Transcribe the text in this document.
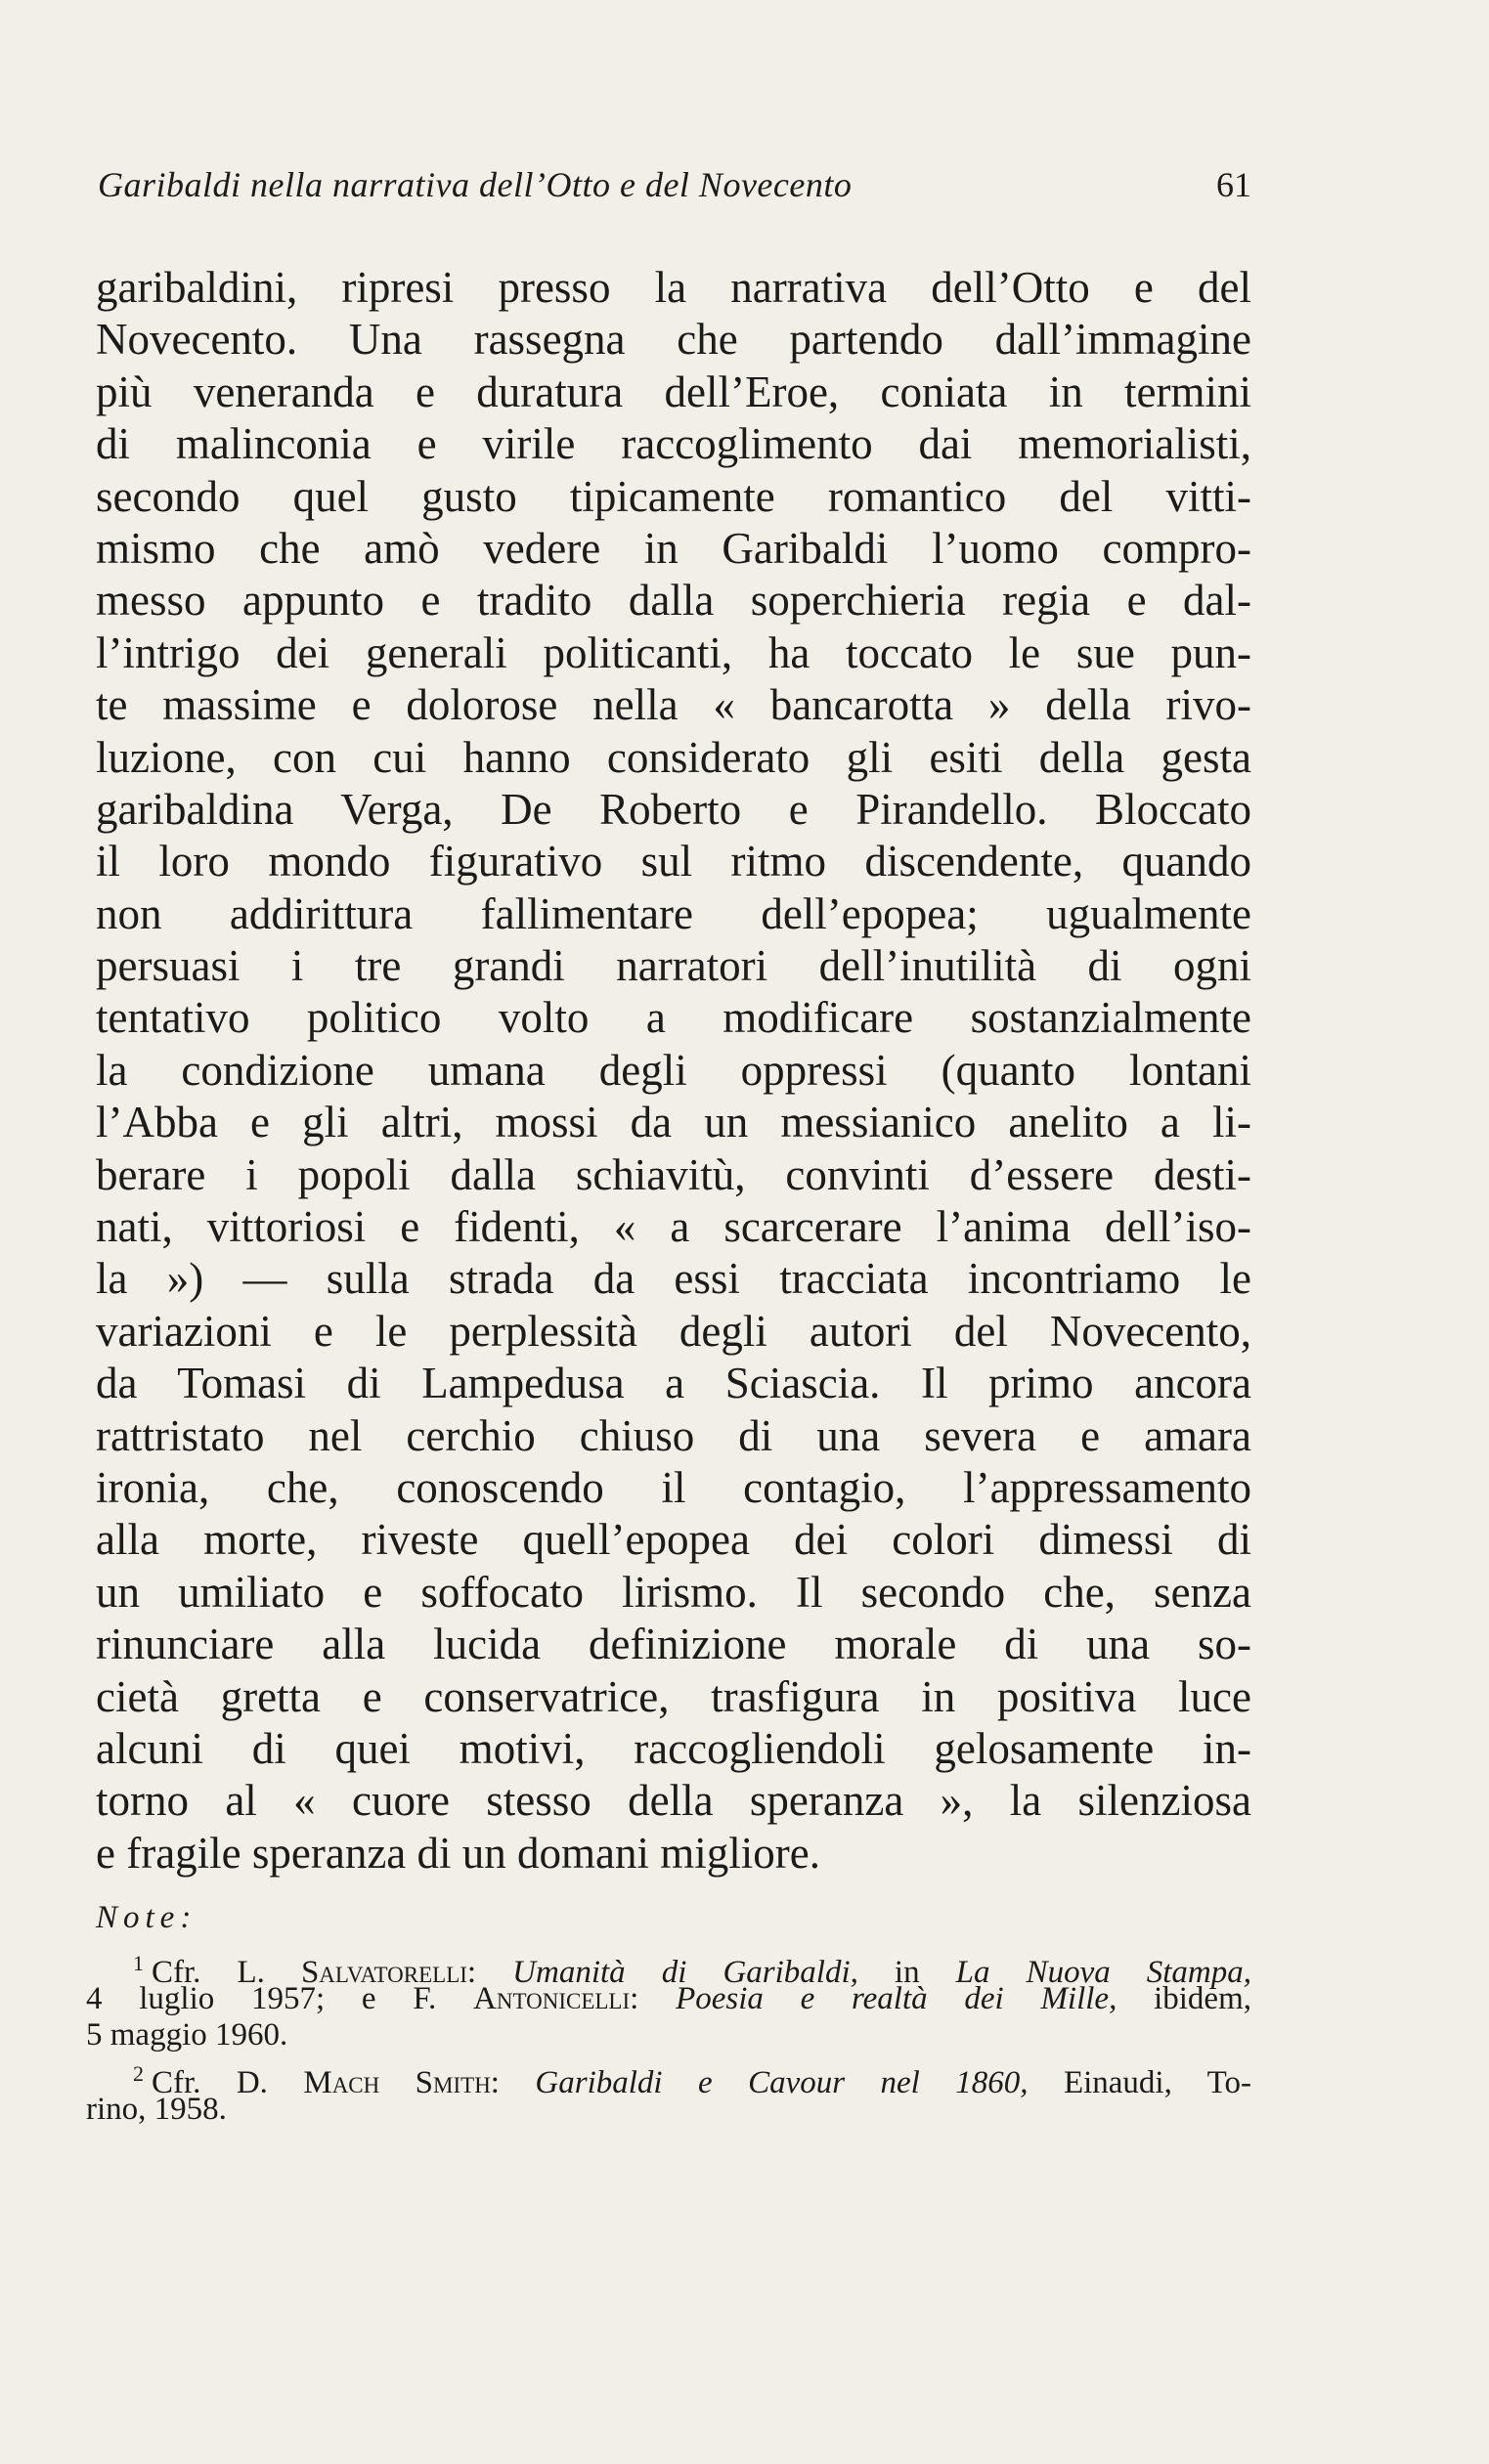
Garibaldi nella narrativa dell’Otto e del Novecento	61
garibaldini, ripresi presso la narrativa dell’Otto e del
Novecento. Una rassegna che partendo dall’immagine
più veneranda e duratura dell’Eroe, coniata in termini
di malinconia e virile raccoglimento dai memorialisti,
secondo quel gusto tipicamente romantico del vitti-
mismo che amò vedere in Garibaldi l’uomo compro-
messo appunto e tradito dalla soperchieria regia e dal-
l’intrigo dei generali politicanti, ha toccato le sue pun-
te massime e dolorose nella « bancarotta » della rivo-
luzione, con cui hanno considerato gli esiti della gesta
garibaldina Verga, De Roberto e Pirandello. Bloccato
il loro mondo figurativo sul ritmo discendente, quando
non addirittura fallimentare dell’epopea; ugualmente
persuasi i tre grandi narratori dell’inutilità di ogni
tentativo politico volto a modificare sostanzialmente
la condizione umana degli oppressi (quanto lontani
l’Abba e gli altri, mossi da un messianico anelito a li-
berare i popoli dalla schiavitù, convinti d’essere desti-
nati, vittoriosi e fidenti, « a scarcerare l’anima dell’iso-
la ») — sulla strada da essi tracciata incontriamo le
variazioni e le perplessità degli autori del Novecento,
da Tomasi di Lampedusa a Sciascia. Il primo ancora
rattristato nel cerchio chiuso di una severa e amara
ironia, che, conoscendo il contagio, l’appressamento
alla morte, riveste quell’epopea dei colori dimessi di
un umiliato e soffocato lirismo. Il secondo che, senza
rinunciare alla lucida definizione morale di una so-
cietà gretta e conservatrice, trasfigura in positiva luce
alcuni di quei motivi, raccogliendoli gelosamente in-
torno al « cuore stesso della speranza », la silenziosa
e fragile speranza di un domani migliore.
Note:
$^1$ Cfr. L. Salvatorelli: Umanità di Garibaldi, in La Nuova Stampa,
4 luglio 1957; e F. Antonicelli: Poesia e realtà dei Mille, ibidem,
5 maggio 1960.
$^2$ Cfr. D. Mach Smith: Garibaldi e Cavour nel 1860, Einaudi, To-
rino, 1958.
